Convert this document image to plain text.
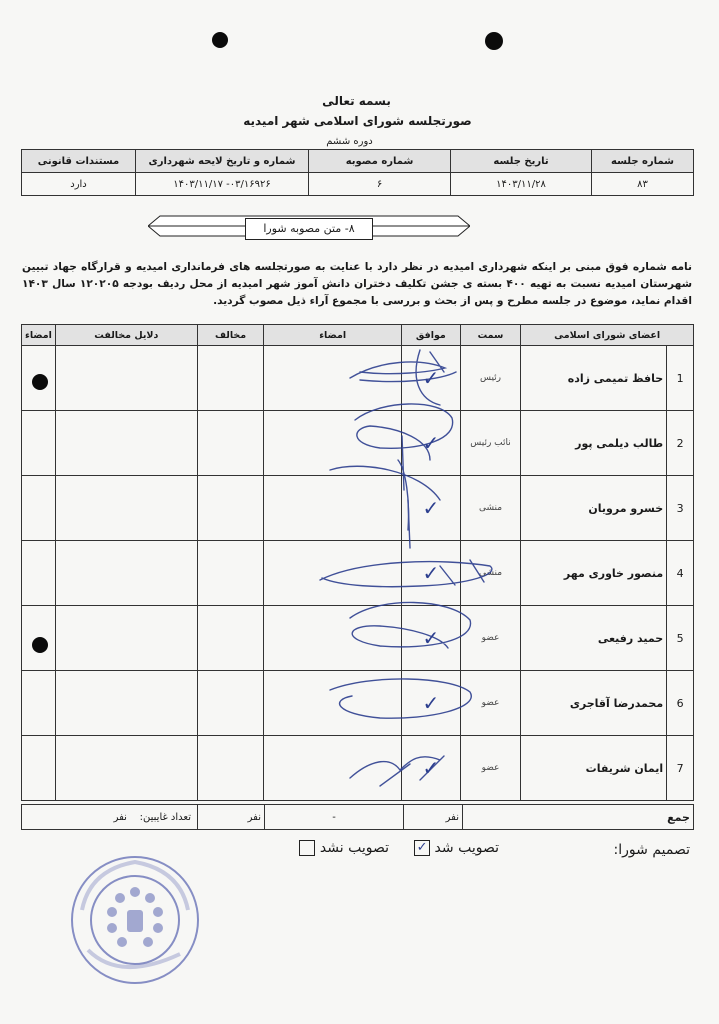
بسمه تعالی
صورتجلسه شورای اسلامی شهر امیدیه
دوره ششم
شماره جلسه	تاریخ جلسه	شماره مصوبه	شماره و تاریخ لایحه شهرداری	مستندات قانونی
۸۳	۱۴۰۳/۱۱/۲۸	۶	۱۴۰۳/۱۱/۱۷ -۰۳/۱۶۹۲۶	دارد
۸- متن مصوبه شورا
نامه شماره فوق مبنی بر اینکه شهرداری امیدیه در نظر دارد با عنایت به صورتجلسه های فرمانداری امیدیه و قرارگاه جهاد تبیین شهرستان امیدیه نسبت به تهیه ۴۰۰ بسته ی جشن تکلیف دختران دانش آموز شهر امیدیه از محل ردیف بودجه ۱۲۰۲۰۵ سال ۱۴۰۳ اقدام نماید، موضوع در جلسه مطرح و پس از بحث و بررسی با مجموع آراء ذیل مصوب گردید.
اعضای شورای اسلامی		سمت	موافق	امضاء	مخالف	دلایل مخالفت	امضاء
1	حافظ تمیمی زاده	رئیس	✓				
2	طالب دیلمی پور	نائب رئیس	✓				
3	خسرو مرویان	منشی	✓				
4	منصور خاوری مهر	منشی	✓				
5	حمید رفیعی	عضو	✓				
6	محمدرضا آقاجری	عضو	✓				
7	ایمان شریفات	عضو	✓				
جمع	نفر	-	نفر	تعداد غایبین:    نفر
تصمیم شورا:
تصویب شد ✓
تصویب نشد
